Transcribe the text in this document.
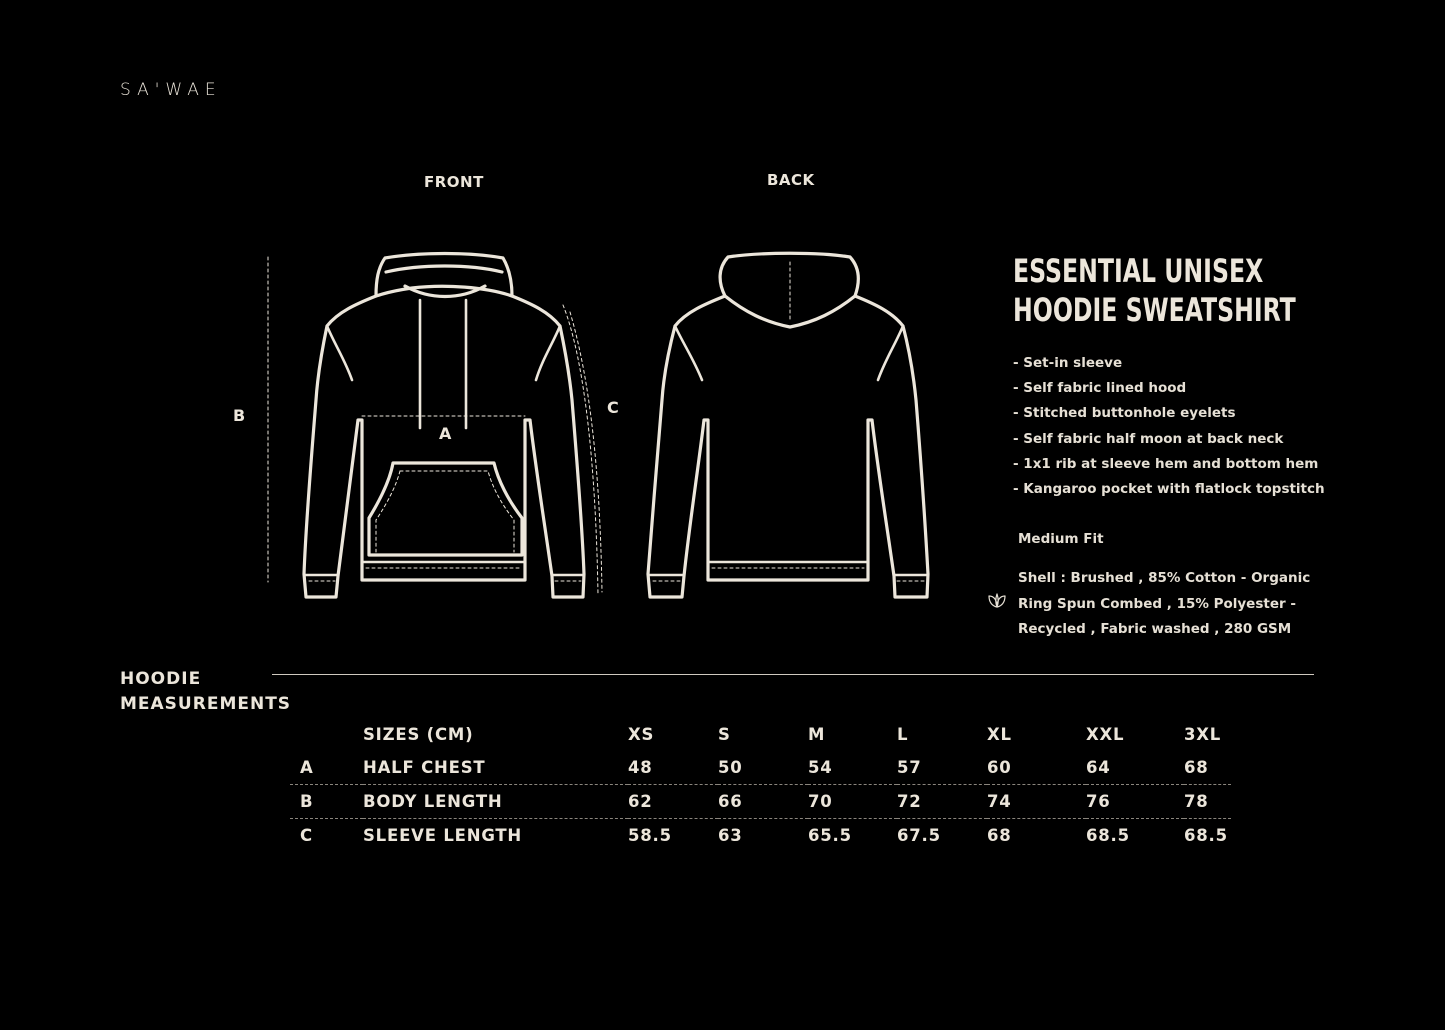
SA'WAE
FRONT	BACK
B
A
C
ESSENTIAL UNISEX
HOODIE SWEATSHIRT
- Set-in sleeve
- Self fabric lined hood
- Stitched buttonhole eyelets
- Self fabric half moon at back neck
- 1x1 rib at sleeve hem and bottom hem
- Kangaroo pocket with flatlock topstitch
Medium Fit
Shell : Brushed , 85% Cotton - Organic
Ring Spun Combed , 15% Polyester -
Recycled , Fabric washed , 280 GSM
HOODIE
MEASUREMENTS
	SIZES (CM)	XS	S	M	L	XL	XXL	3XL
A	HALF CHEST	48	50	54	57	60	64	68
B	BODY LENGTH	62	66	70	72	74	76	78
C	SLEEVE LENGTH	58.5	63	65.5	67.5	68	68.5	68.5
